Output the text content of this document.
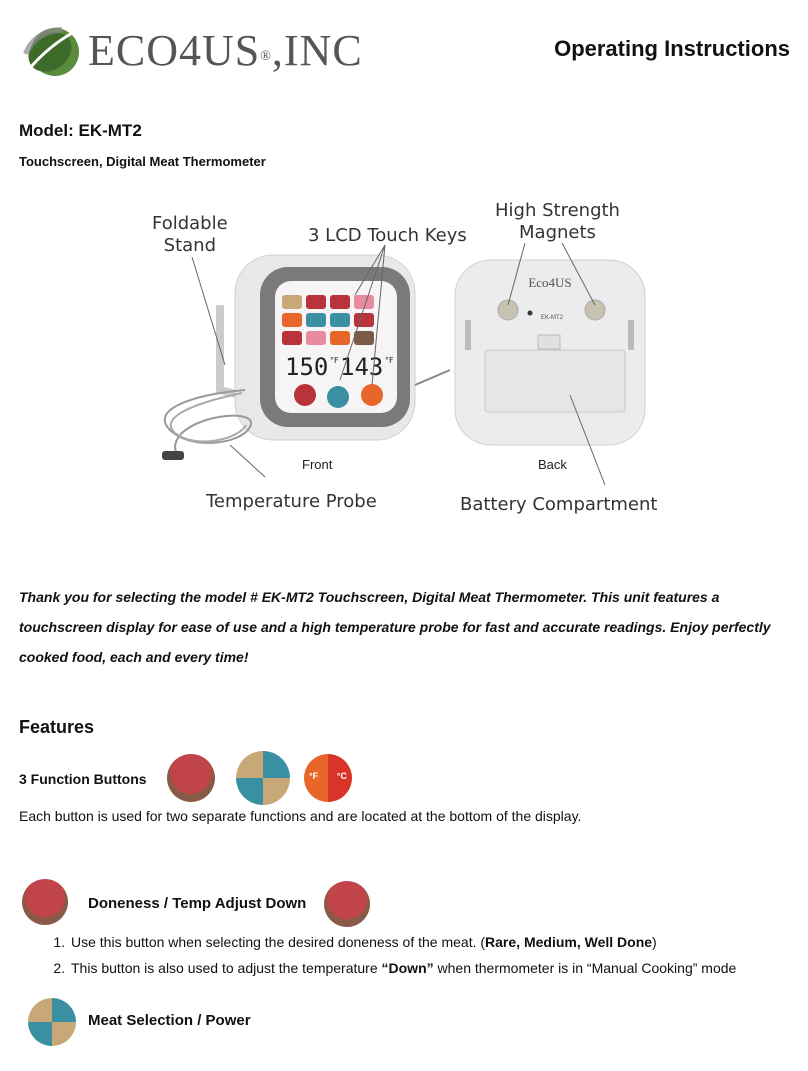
ECO4US®,INC	Operating Instructions
Model: EK-MT2
Touchscreen, Digital Meat Thermometer
150 °F 143 °F
Eco4US
EK-MT2
Foldable
Stand	3 LCD Touch Keys
High Strength
Magnets
Temperature Probe	Battery Compartment
Front	Back
Thank you for selecting the model # EK-MT2 Touchscreen, Digital Meat Thermometer. This unit features a touchscreen display for ease of use and a high temperature probe for fast and accurate readings. Enjoy perfectly cooked food, each and every time!
Features
3 Function Buttons	°F °C
Each button is used for two separate functions and are located at the bottom of the display.
Doneness / Temp Adjust Down
1. Use this button when selecting the desired doneness of the meat. (Rare, Medium, Well Done)
2. This button is also used to adjust the temperature “Down” when thermometer is in “Manual Cooking” mode
Meat Selection / Power
